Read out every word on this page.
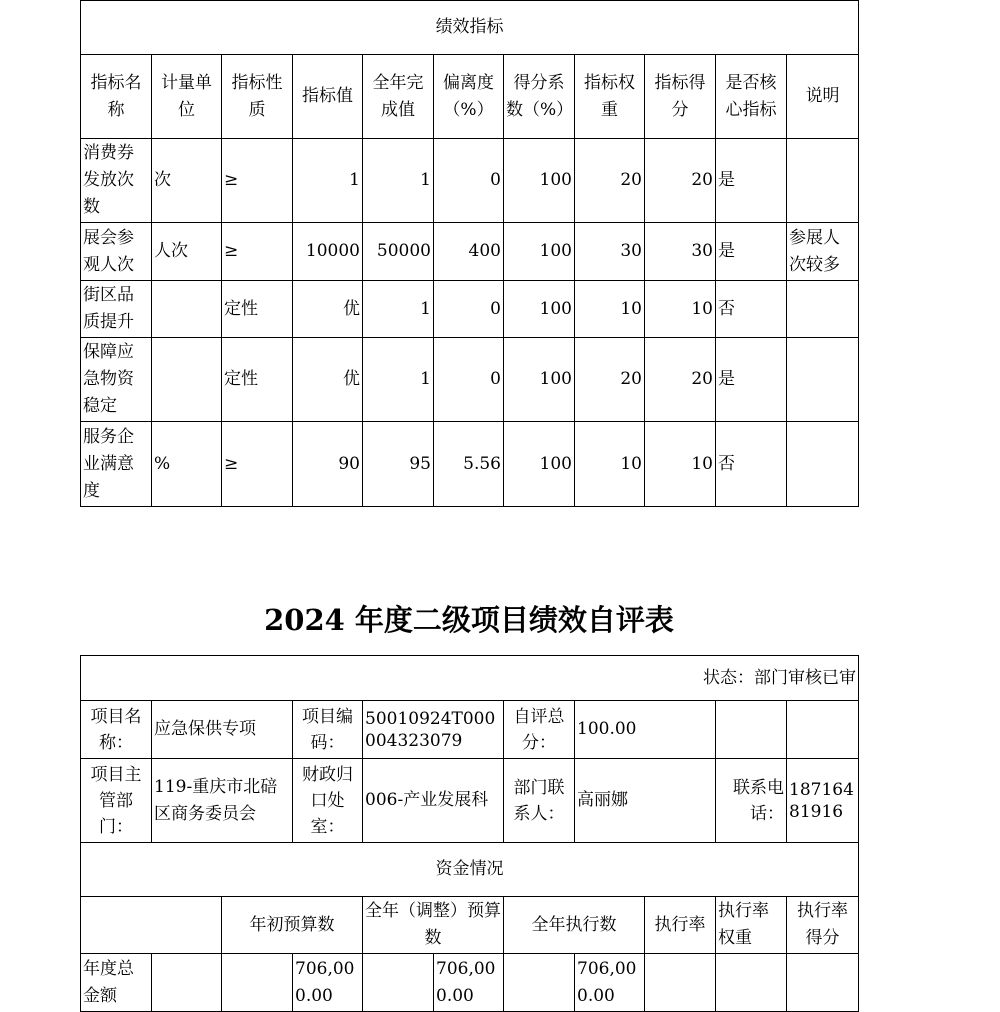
绩效指标										
指标名称	计量单位	指标性质	指标值	全年完成值	偏离度（%）	得分系数（%）	指标权重	指标得分	是否核心指标	说明
消费券发放次数	次	≥	1	1	0	100	20	20	是	
展会参观人次	人次	≥	10000	50000	400	100	30	30	是	参展人次较多
街区品质提升		定性	优	1	0	100	10	10	否	
保障应急物资稳定		定性	优	1	0	100	20	20	是	
服务企业满意度	%	≥	90	95	5.56	100	10	10	否	
2024 年度二级项目绩效自评表
状态：部门审核已审										
项目名称：	应急保供专项		项目编码：	50010924T000004323079		自评总分：	100.00			
项目主管部门：	119-重庆市北碚区商务委员会		财政归口处室：	006-产业发展科		部门联系人：	高丽娜		联系电话：	18716481916
资金情况										
		年初预算数		全年（调整）预算数		全年执行数		执行率	执行率权重	执行率得分
年度总金额			706,000.00		706,000.00		706,000.00			
